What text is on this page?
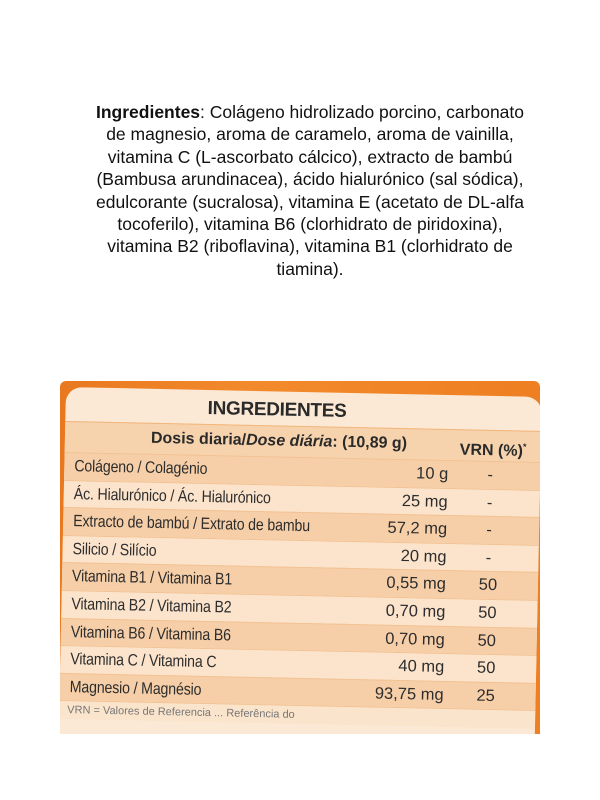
Ingredientes: Colágeno hidrolizado porcino, carbonato de magnesio, aroma de caramelo, aroma de vainilla, vitamina C (L-ascorbato cálcico), extracto de bambú (Bambusa arundinacea), ácido hialurónico (sal sódica), edulcorante (sucralosa), vitamina E (acetato de DL-alfa tocoferilo), vitamina B6 (clorhidrato de piridoxina), vitamina B2 (riboflavina), vitamina B1 (clorhidrato de tiamina).
INGREDIENTES
Dosis diaria/Dose diária: (10,89 g)	VRN (%)*
Colágeno / Colagénio	10 g	-
Ác. Hialurónico / Ác. Hialurónico	25 mg	-
Extracto de bambú / Extrato de bambu	57,2 mg	-
Silicio / Silício	20 mg	-
Vitamina B1 / Vitamina B1	0,55 mg	50
Vitamina B2 / Vitamina B2	0,70 mg	50
Vitamina B6 / Vitamina B6	0,70 mg	50
Vitamina C / Vitamina C	40 mg	50
Magnesio / Magnésio	93,75 mg	25
VRN = Valores de Referencia ... Referência do
